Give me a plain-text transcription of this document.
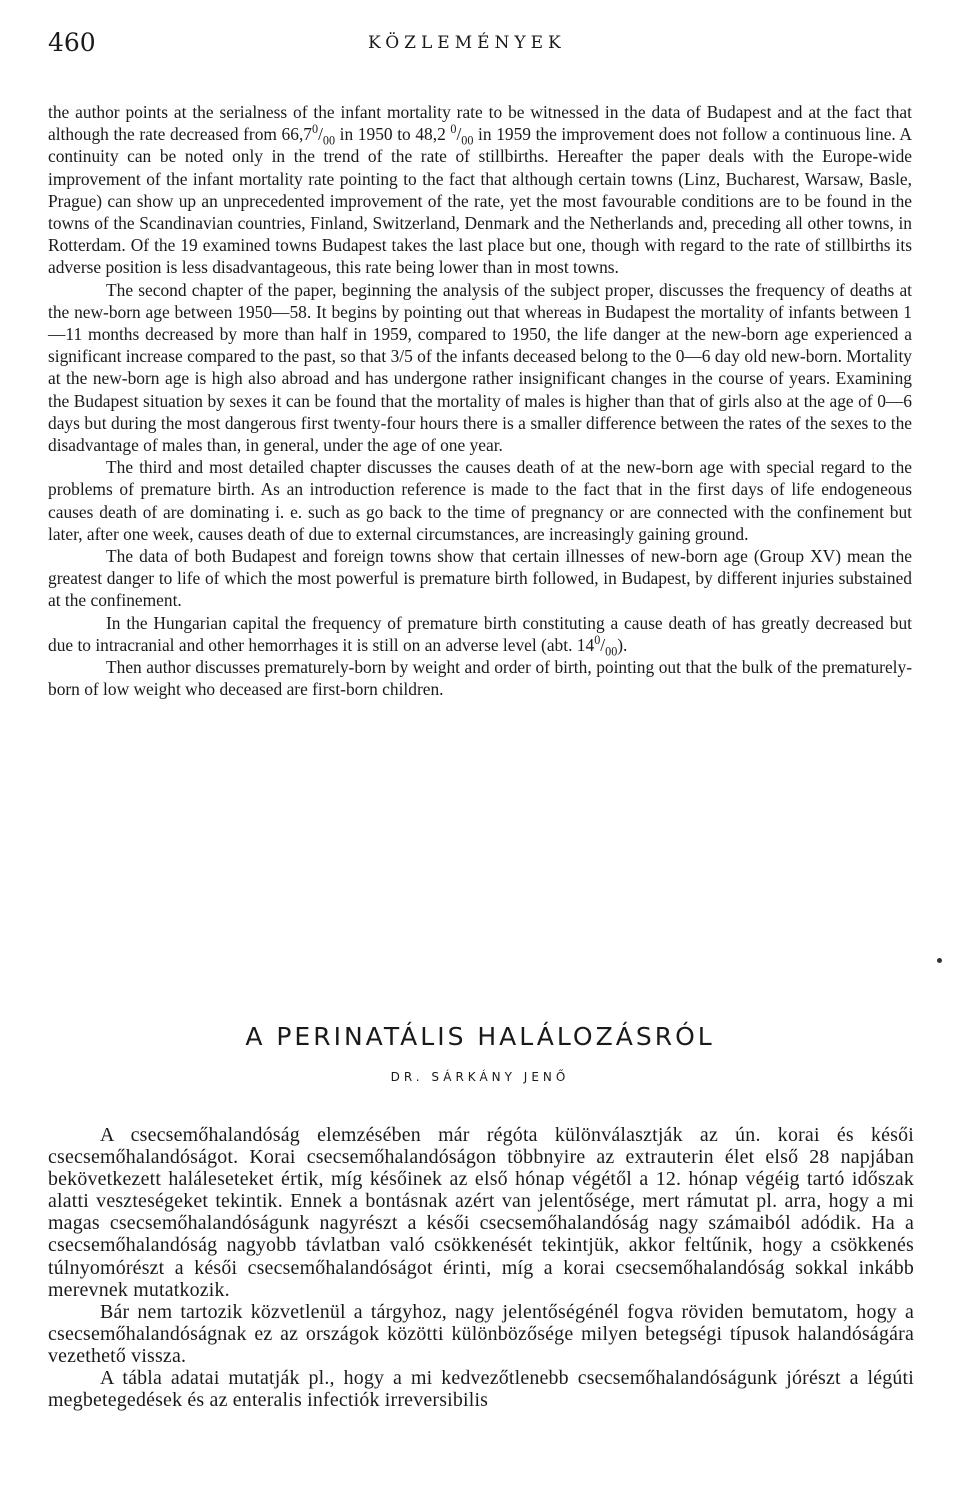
460	KÖZLEMÉNYEK

the author points at the serialness of the infant mortality rate to be witnessed in the data of Budapest and at the fact that although the rate decreased from $66,7^0/_{00}$ in 1950 to 48,2 $^0/_{00}$ in 1959 the improvement does not follow a continuous line. A continuity can be noted only in the trend of the rate of stillbirths. Hereafter the paper deals with the Europe-wide improvement of the infant mortality rate pointing to the fact that although certain towns (Linz, Bucharest, Warsaw, Basle, Prague) can show up an unprecedented improvement of the rate, yet the most favourable conditions are to be found in the towns of the Scandinavian countries, Finland, Switzerland, Denmark and the Netherlands and, preceding all other towns, in Rotterdam. Of the 19 examined towns Budapest takes the last place but one, though with regard to the rate of stillbirths its adverse position is less disadvantageous, this rate being lower than in most towns.

The second chapter of the paper, beginning the analysis of the subject proper, discusses the frequency of deaths at the new-born age between 1950—58. It begins by pointing out that whereas in Budapest the mortality of infants between 1—11 months decreased by more than half in 1959, compared to 1950, the life danger at the new-born age experienced a significant increase compared to the past, so that 3/5 of the infants deceased belong to the 0—6 day old new-born. Mortality at the new-born age is high also abroad and has undergone rather insignificant changes in the course of years. Examining the Budapest situation by sexes it can be found that the mortality of males is higher than that of girls also at the age of 0—6 days but during the most dangerous first twenty-four hours there is a smaller difference between the rates of the sexes to the disadvantage of males than, in general, under the age of one year.

The third and most detailed chapter discusses the causes death of at the new-born age with special regard to the problems of premature birth. As an introduction reference is made to the fact that in the first days of life endogeneous causes death of are dominating i. e. such as go back to the time of pregnancy or are connected with the confinement but later, after one week, causes death of due to external circumstances, are increasingly gaining ground.

The data of both Budapest and foreign towns show that certain illnesses of new-born age (Group XV) mean the greatest danger to life of which the most powerful is premature birth followed, in Budapest, by different injuries substained at the confinement.

In the Hungarian capital the frequency of premature birth constituting a cause death of has greatly decreased but due to intracranial and other hemorrhages it is still on an adverse level (abt. $14^0/_{00}$).

Then author discusses prematurely-born by weight and order of birth, pointing out that the bulk of the prematurely-born of low weight who deceased are first-born children.

A PERINATÁLIS HALÁLOZÁSRÓL
DR. SÁRKÁNY JENŐ

A csecsemőhalandóság elemzésében már régóta különválasztják az ún. korai és késői csecsemőhalandóságot. Korai csecsemőhalandóságon többnyire az extrauterin élet első 28 napjában bekövetkezett haláleseteket értik, míg későinek az első hónap végétől a 12. hónap végéig tartó időszak alatti veszteségeket tekintik. Ennek a bontásnak azért van jelentősége, mert rámutat pl. arra, hogy a mi magas csecsemőhalandóságunk nagyrészt a késői csecsemőhalandóság nagy számaiból adódik. Ha a csecsemőhalandóság nagyobb távlatban való csökkenését tekintjük, akkor feltűnik, hogy a csökkenés túlnyomórészt a késői csecsemőhalandóságot érinti, míg a korai csecsemőhalandóság sokkal inkább merevnek mutatkozik.

Bár nem tartozik közvetlenül a tárgyhoz, nagy jelentőségénél fogva röviden bemutatom, hogy a csecsemőhalandóságnak ez az országok közötti különbözősége milyen betegségi típusok halandóságára vezethető vissza.

A tábla adatai mutatják pl., hogy a mi kedvezőtlenebb csecsemőhalandóságunk jórészt a légúti megbetegedések és az enteralis infectiók irreversibilis
